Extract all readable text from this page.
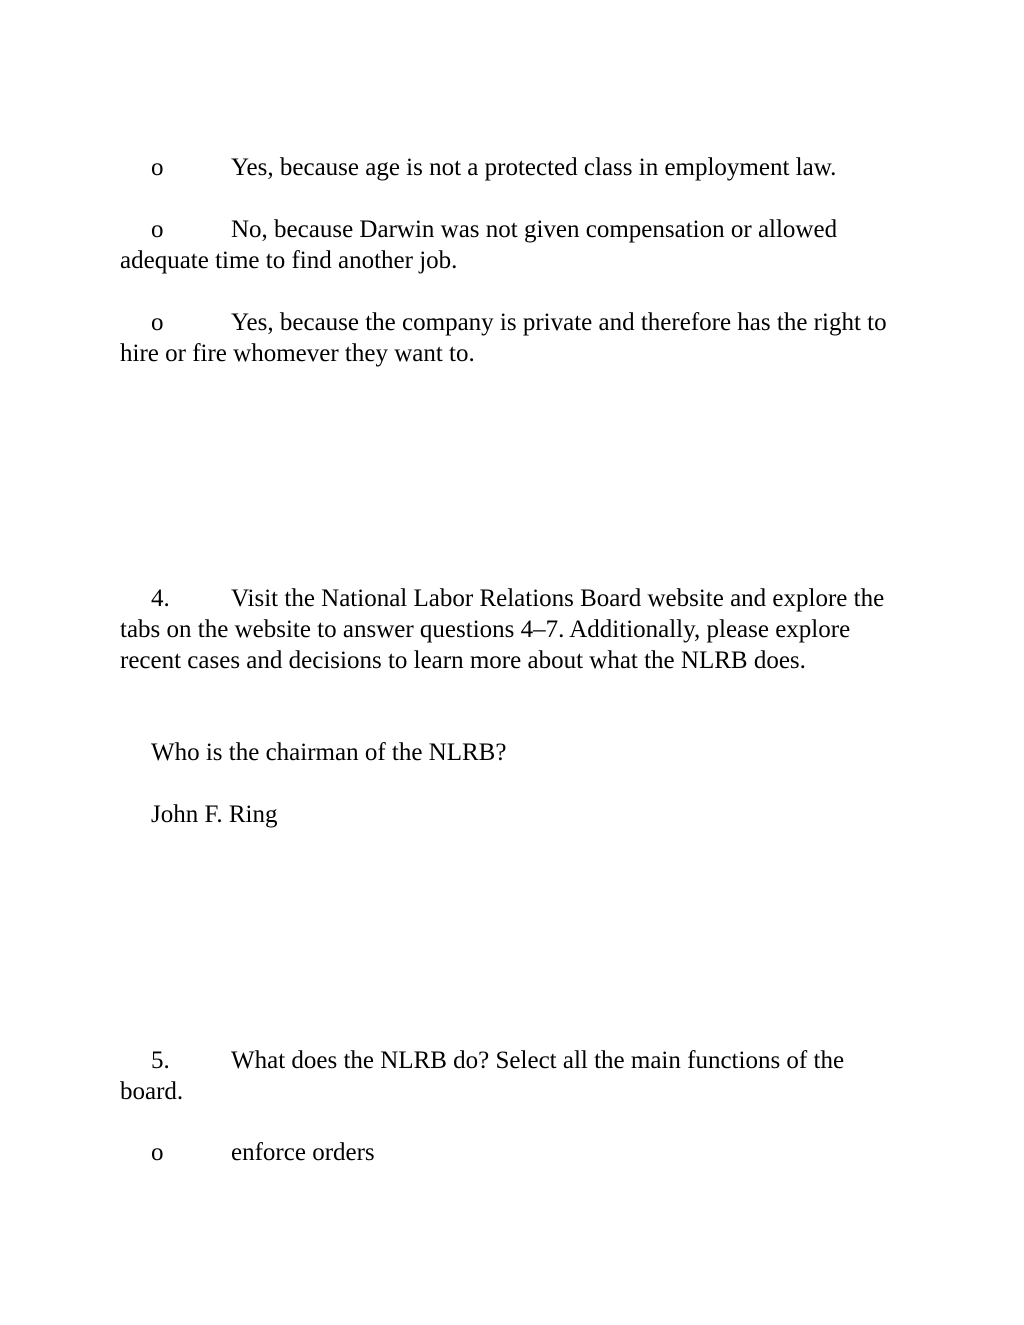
o	Yes, because age is not a protected class in employment law.

o	No, because Darwin was not given compensation or allowed adequate time to find another job.

o	Yes, because the company is private and therefore has the right to hire or fire whomever they want to.

4. Visit the National Labor Relations Board website and explore the tabs on the website to answer questions 4–7. Additionally, please explore recent cases and decisions to learn more about what the NLRB does.

Who is the chairman of the NLRB?

John F. Ring

5. What does the NLRB do? Select all the main functions of the board.

o	enforce orders
